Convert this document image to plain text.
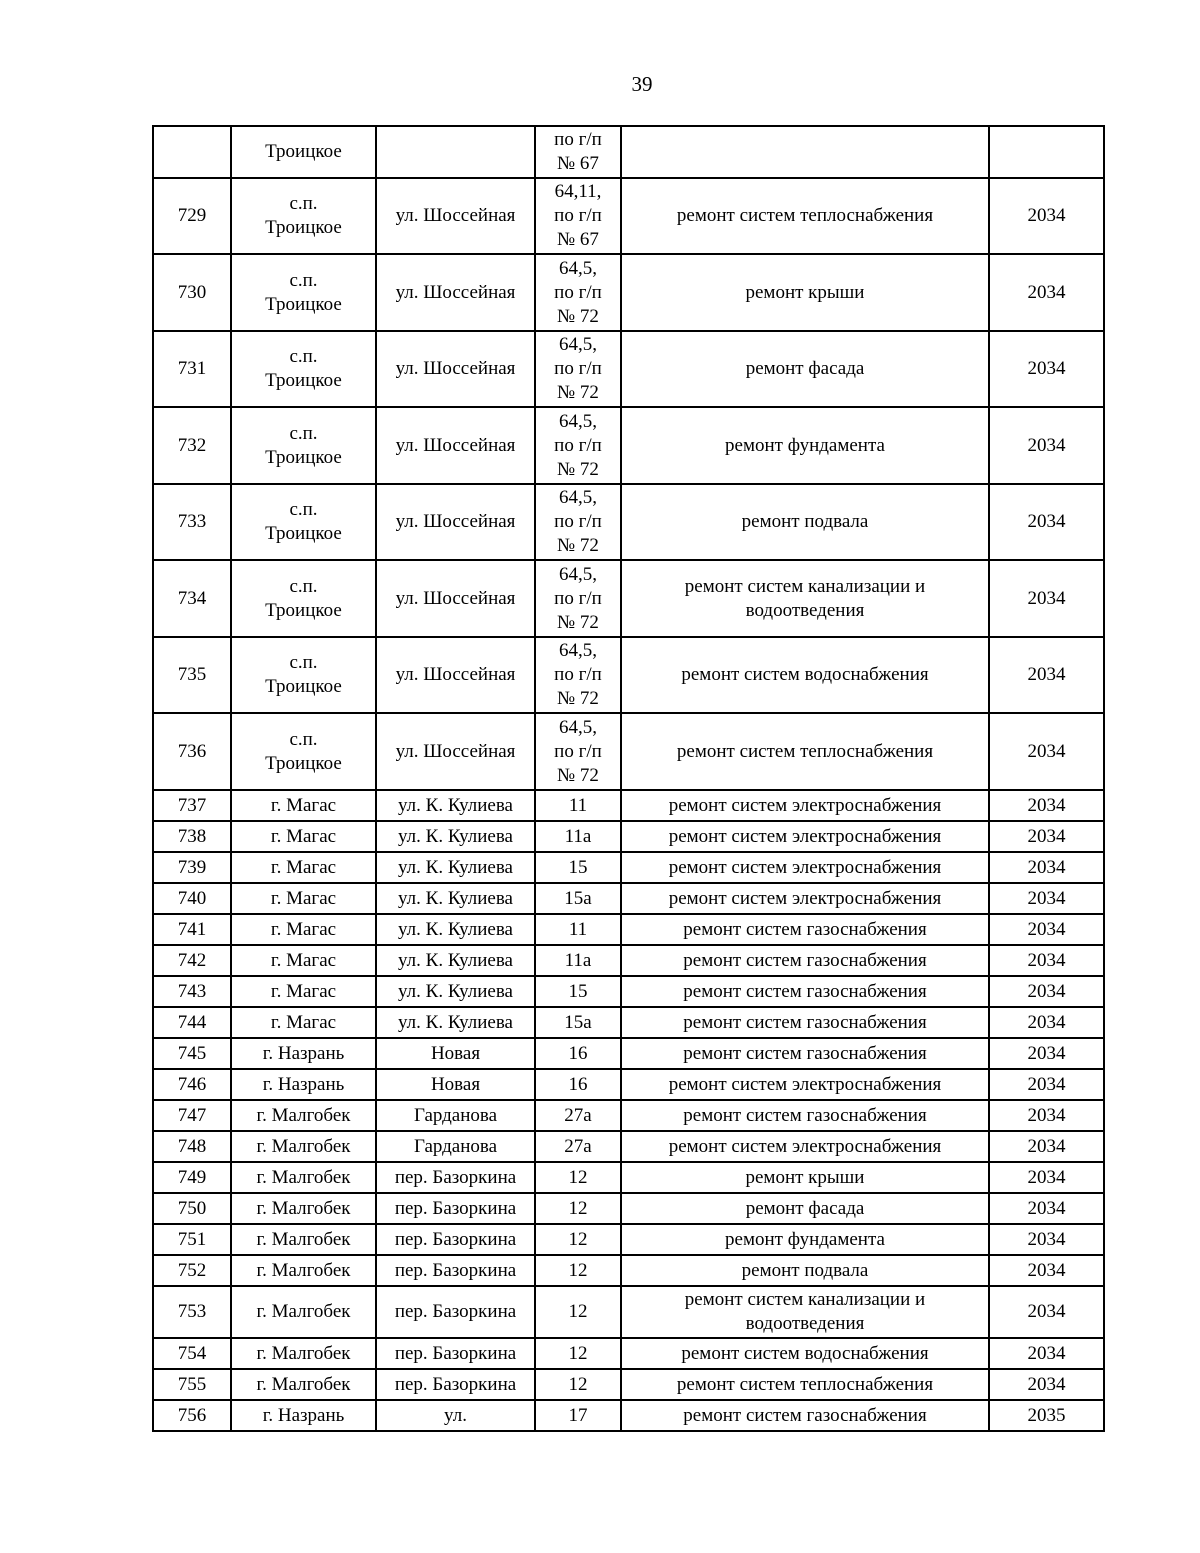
39
	Троицкое		по г/п
№ 67		
729	с.п.
Троицкое	ул. Шоссейная	64,11,
по г/п
№ 67	ремонт систем теплоснабжения	2034
730	с.п.
Троицкое	ул. Шоссейная	64,5,
по г/п
№ 72	ремонт крыши	2034
731	с.п.
Троицкое	ул. Шоссейная	64,5,
по г/п
№ 72	ремонт фасада	2034
732	с.п.
Троицкое	ул. Шоссейная	64,5,
по г/п
№ 72	ремонт фундамента	2034
733	с.п.
Троицкое	ул. Шоссейная	64,5,
по г/п
№ 72	ремонт подвала	2034
734	с.п.
Троицкое	ул. Шоссейная	64,5,
по г/п
№ 72	ремонт систем канализации и
водоотведения	2034
735	с.п.
Троицкое	ул. Шоссейная	64,5,
по г/п
№ 72	ремонт систем водоснабжения	2034
736	с.п.
Троицкое	ул. Шоссейная	64,5,
по г/п
№ 72	ремонт систем теплоснабжения	2034
737	г. Магас	ул. К. Кулиева	11	ремонт систем электроснабжения	2034
738	г. Магас	ул. К. Кулиева	11а	ремонт систем электроснабжения	2034
739	г. Магас	ул. К. Кулиева	15	ремонт систем электроснабжения	2034
740	г. Магас	ул. К. Кулиева	15а	ремонт систем электроснабжения	2034
741	г. Магас	ул. К. Кулиева	11	ремонт систем газоснабжения	2034
742	г. Магас	ул. К. Кулиева	11а	ремонт систем газоснабжения	2034
743	г. Магас	ул. К. Кулиева	15	ремонт систем газоснабжения	2034
744	г. Магас	ул. К. Кулиева	15а	ремонт систем газоснабжения	2034
745	г. Назрань	Новая	16	ремонт систем газоснабжения	2034
746	г. Назрань	Новая	16	ремонт систем электроснабжения	2034
747	г. Малгобек	Гарданова	27а	ремонт систем газоснабжения	2034
748	г. Малгобек	Гарданова	27а	ремонт систем электроснабжения	2034
749	г. Малгобек	пер. Базоркина	12	ремонт крыши	2034
750	г. Малгобек	пер. Базоркина	12	ремонт фасада	2034
751	г. Малгобек	пер. Базоркина	12	ремонт фундамента	2034
752	г. Малгобек	пер. Базоркина	12	ремонт подвала	2034
753	г. Малгобек	пер. Базоркина	12	ремонт систем канализации и
водоотведения	2034
754	г. Малгобек	пер. Базоркина	12	ремонт систем водоснабжения	2034
755	г. Малгобек	пер. Базоркина	12	ремонт систем теплоснабжения	2034
756	г. Назрань	ул.	17	ремонт систем газоснабжения	2035
